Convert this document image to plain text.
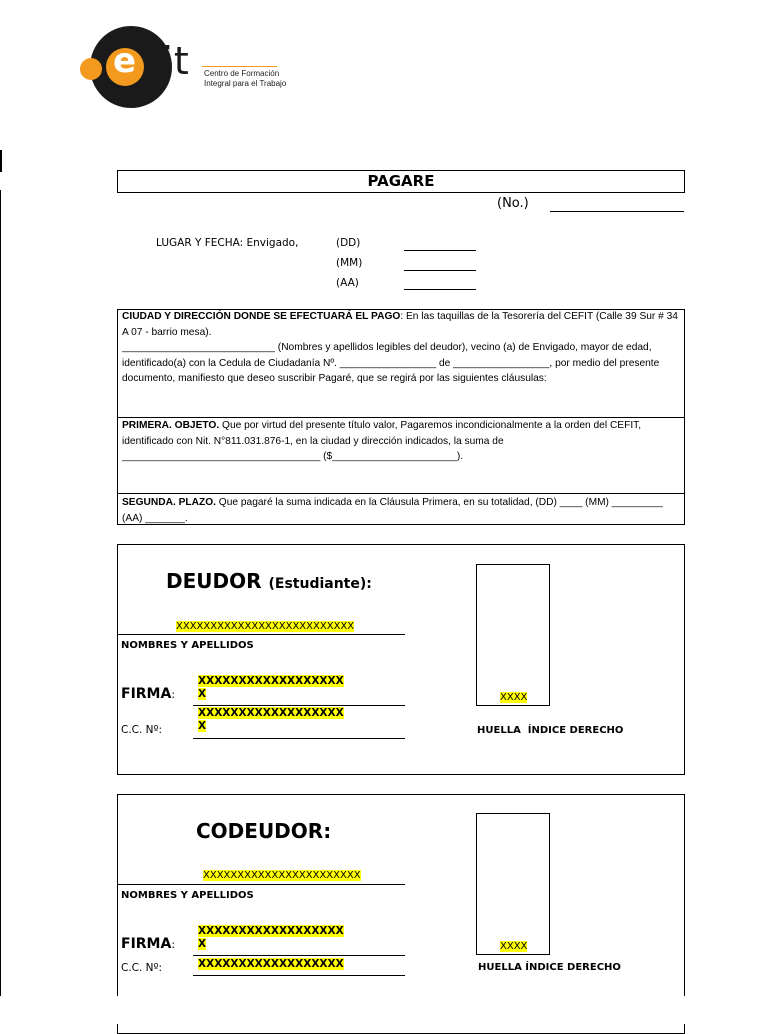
e fit Centro de Formación
Integral para el Trabajo
PAGARE
(No.)
LUGAR Y FECHA: Envigado,	(DD)
(MM)
(AA)
CIUDAD Y DIRECCIÓN DONDE SE EFECTUARÁ EL PAGO: En las taquillas de la Tesorería del CEFIT (Calle 39 Sur # 34 A 07 - barrio mesa).
___________________________ (Nombres y apellidos legibles del deudor), vecino (a) de Envigado, mayor de edad, identificado(a) con la Cedula de Ciudadanía Nº. _________________ de _________________, por medio del presente documento, manifiesto que deseo suscribir Pagaré, que se regirá por las siguientes cláusulas:
PRIMERA. OBJETO. Que por virtud del presente título valor, Pagaremos incondicionalmente a la orden del CEFIT, identificado con Nit. N°811.031.876-1, en la ciudad y dirección indicados, la suma de ___________________________________ ($______________________).
SEGUNDA. PLAZO. Que pagaré la suma indicada en la Cláusula Primera, en su totalidad, (DD) ____ (MM) _________ (AA) _______.
DEUDOR (Estudiante):
XXXXXXXXXXXXXXXXXXXXXXXXXX
NOMBRES Y APELLIDOS
FIRMA:
XXXXXXXXXXXXXXXXXX
X
C.C. Nº:
XXXXXXXXXXXXXXXXXX
X
XXXX
HUELLA  ÍNDICE DERECHO
CODEUDOR:
XXXXXXXXXXXXXXXXXXXXXXX
NOMBRES Y APELLIDOS
FIRMA:
XXXXXXXXXXXXXXXXXX
X
C.C. Nº:	XXXXXXXXXXXXXXXXXX
XXXX
HUELLA ÍNDICE DERECHO
